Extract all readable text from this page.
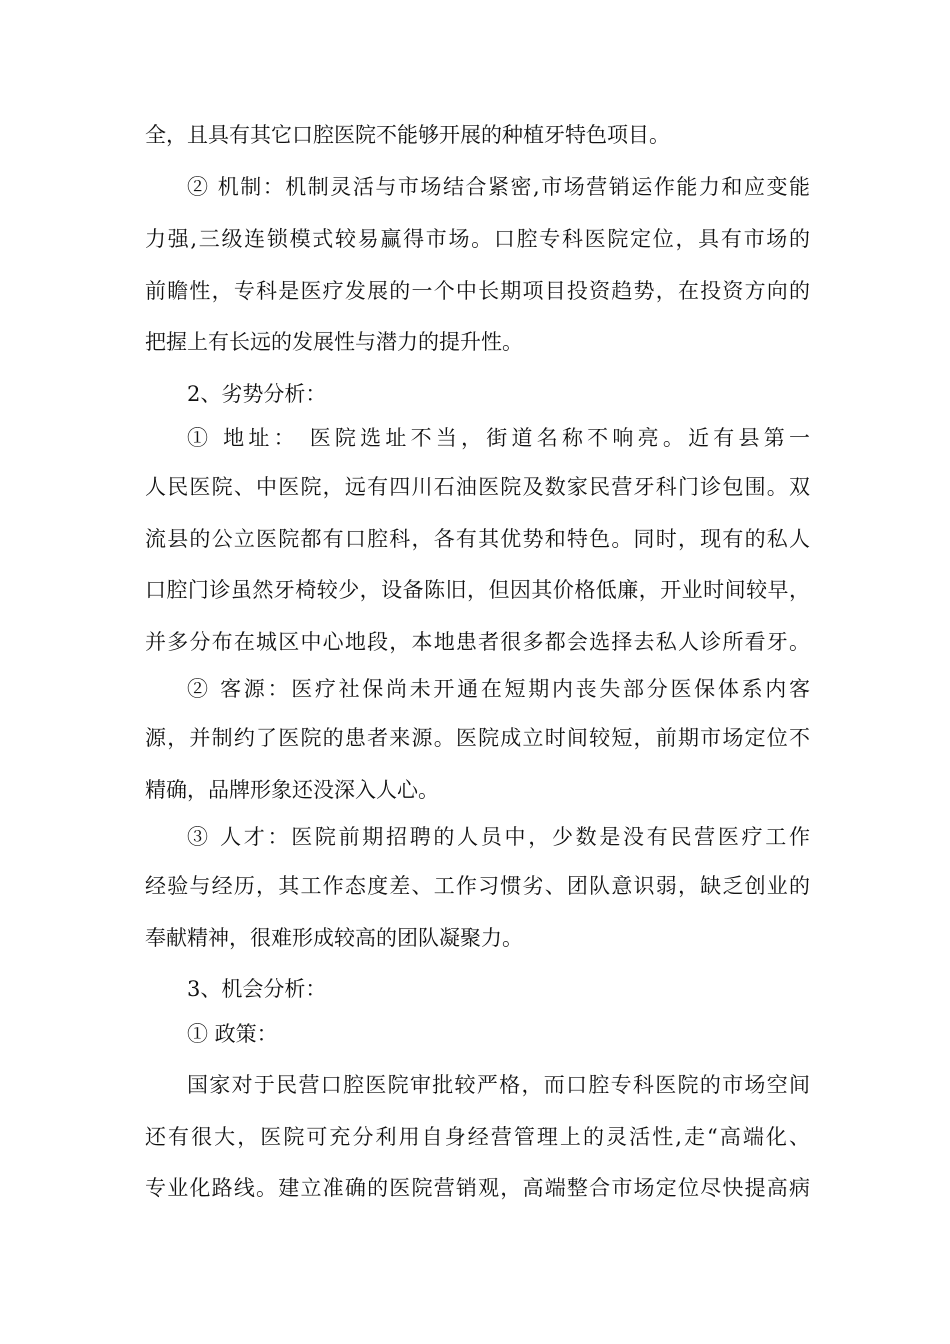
全，且具有其它口腔医院不能够开展的种植牙特色项目。

② 机制：机制灵活与市场结合紧密,市场营销运作能力和应变能

力强,三级连锁模式较易赢得市场。口腔专科医院定位，具有市场的

前瞻性，专科是医疗发展的一个中长期项目投资趋势，在投资方向的

把握上有长远的发展性与潜力的提升性。

2、劣势分析：

① 地址： 医院选址不当，街道名称不响亮。近有县第一

人民医院、中医院，远有四川石油医院及数家民营牙科门诊包围。双

流县的公立医院都有口腔科，各有其优势和特色。同时，现有的私人

口腔门诊虽然牙椅较少，设备陈旧，但因其价格低廉，开业时间较早，

并多分布在城区中心地段，本地患者很多都会选择去私人诊所看牙。

② 客源：医疗社保尚未开通在短期内丧失部分医保体系内客

源，并制约了医院的患者来源。医院成立时间较短，前期市场定位不

精确，品牌形象还没深入人心。

③ 人才：医院前期招聘的人员中，少数是没有民营医疗工作

经验与经历，其工作态度差、工作习惯劣、团队意识弱，缺乏创业的

奉献精神，很难形成较高的团队凝聚力。

3、机会分析：

① 政策：

国家对于民营口腔医院审批较严格，而口腔专科医院的市场空间

还有很大，医院可充分利用自身经营管理上的灵活性,走“高端化、

专业化路线。建立准确的医院营销观，高端整合市场定位尽快提高病
